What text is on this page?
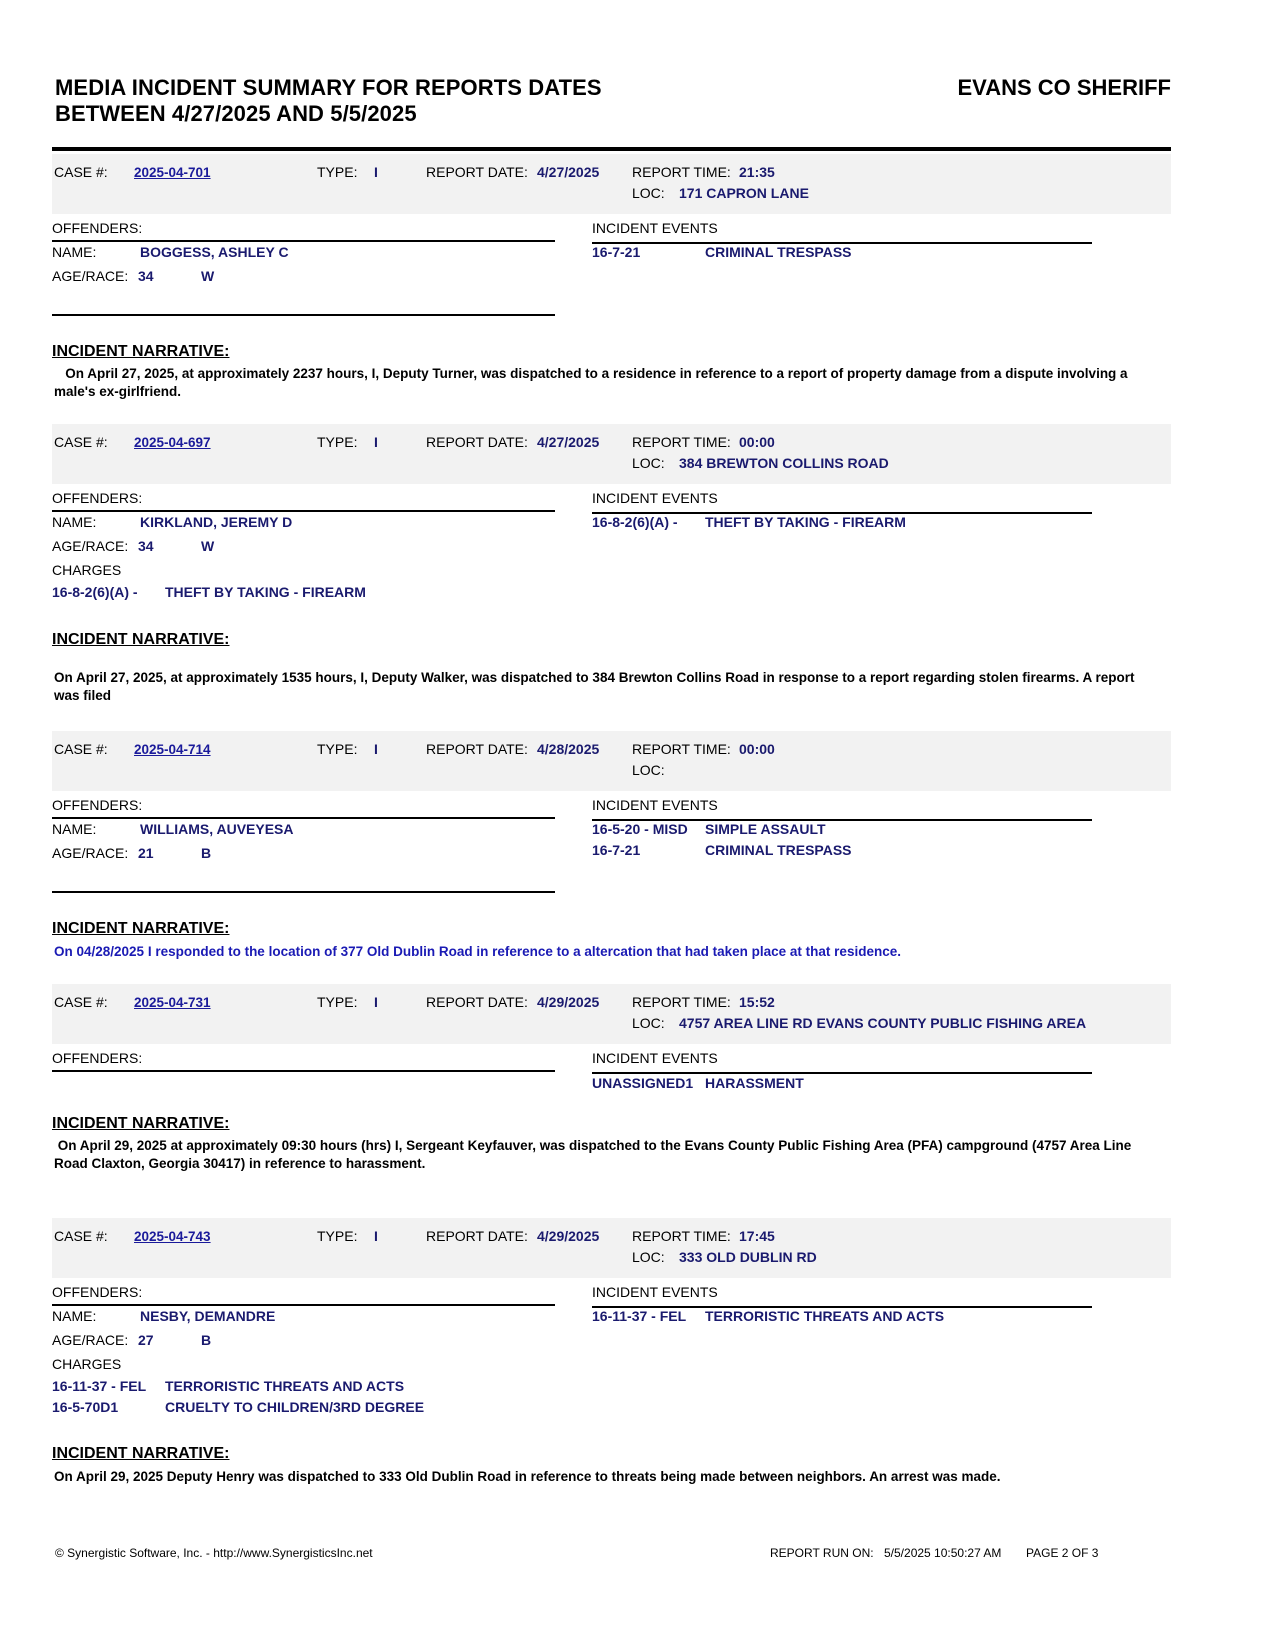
MEDIA INCIDENT SUMMARY FOR REPORTS DATES
BETWEEN 4/27/2025 AND 5/5/2025
EVANS CO SHERIFF
CASE #: 2025-04-701	TYPE: I	REPORT DATE: 4/27/2025 REPORT TIME: 21:35
LOC: 171 CAPRON LANE
OFFENDERS:	INCIDENT EVENTS
NAME:	BOGGESS, ASHLEY C
AGE/RACE: 34	W
16-7-21	CRIMINAL TRESPASS
INCIDENT NARRATIVE:
On April 27, 2025, at approximately 2237 hours, I, Deputy Turner, was dispatched to a residence in reference to a report of property damage from a dispute involving a male's ex-girlfriend.
CASE #: 2025-04-697	TYPE: I	REPORT DATE: 4/27/2025 REPORT TIME: 00:00
LOC: 384 BREWTON COLLINS ROAD
OFFENDERS:	INCIDENT EVENTS
NAME:	KIRKLAND, JEREMY D
AGE/RACE: 34	W
CHARGES
16-8-2(6)(A) - THEFT BY TAKING - FIREARM
16-8-2(6)(A) - THEFT BY TAKING - FIREARM
INCIDENT NARRATIVE:
On April 27, 2025, at approximately 1535 hours, I, Deputy Walker, was dispatched to 384 Brewton Collins Road in response to a report regarding stolen firearms. A report was filed
CASE #: 2025-04-714	TYPE: I	REPORT DATE: 4/28/2025 REPORT TIME: 00:00
LOC:
OFFENDERS:	INCIDENT EVENTS
NAME:	WILLIAMS, AUVEYESA
AGE/RACE: 21	B
16-5-20 - MISD SIMPLE ASSAULT
16-7-21	CRIMINAL TRESPASS
INCIDENT NARRATIVE:
On 04/28/2025 I responded to the location of 377 Old Dublin Road in reference to a altercation that had taken place at that residence.
CASE #: 2025-04-731	TYPE: I	REPORT DATE: 4/29/2025 REPORT TIME: 15:52
LOC: 4757 AREA LINE RD EVANS COUNTY PUBLIC FISHING AREA
OFFENDERS:	INCIDENT EVENTS
UNASSIGNED1 HARASSMENT
INCIDENT NARRATIVE:
On April 29, 2025 at approximately 09:30 hours (hrs) I, Sergeant Keyfauver, was dispatched to the Evans County Public Fishing Area (PFA) campground (4757 Area Line Road Claxton, Georgia 30417) in reference to harassment.
CASE #: 2025-04-743	TYPE: I	REPORT DATE: 4/29/2025 REPORT TIME: 17:45
LOC: 333 OLD DUBLIN RD
OFFENDERS:	INCIDENT EVENTS
NAME:	NESBY, DEMANDRE
AGE/RACE: 27	B
CHARGES
16-11-37 - FEL TERRORISTIC THREATS AND ACTS
16-5-70D1	CRUELTY TO CHILDREN/3RD DEGREE
16-11-37 - FEL TERRORISTIC THREATS AND ACTS
INCIDENT NARRATIVE:
On April 29, 2025 Deputy Henry was dispatched to 333 Old Dublin Road in reference to threats being made between neighbors. An arrest was made.
© Synergistic Software, Inc. - http://www.SynergisticsInc.net	REPORT RUN ON: 5/5/2025 10:50:27 AM PAGE 2 OF 3
